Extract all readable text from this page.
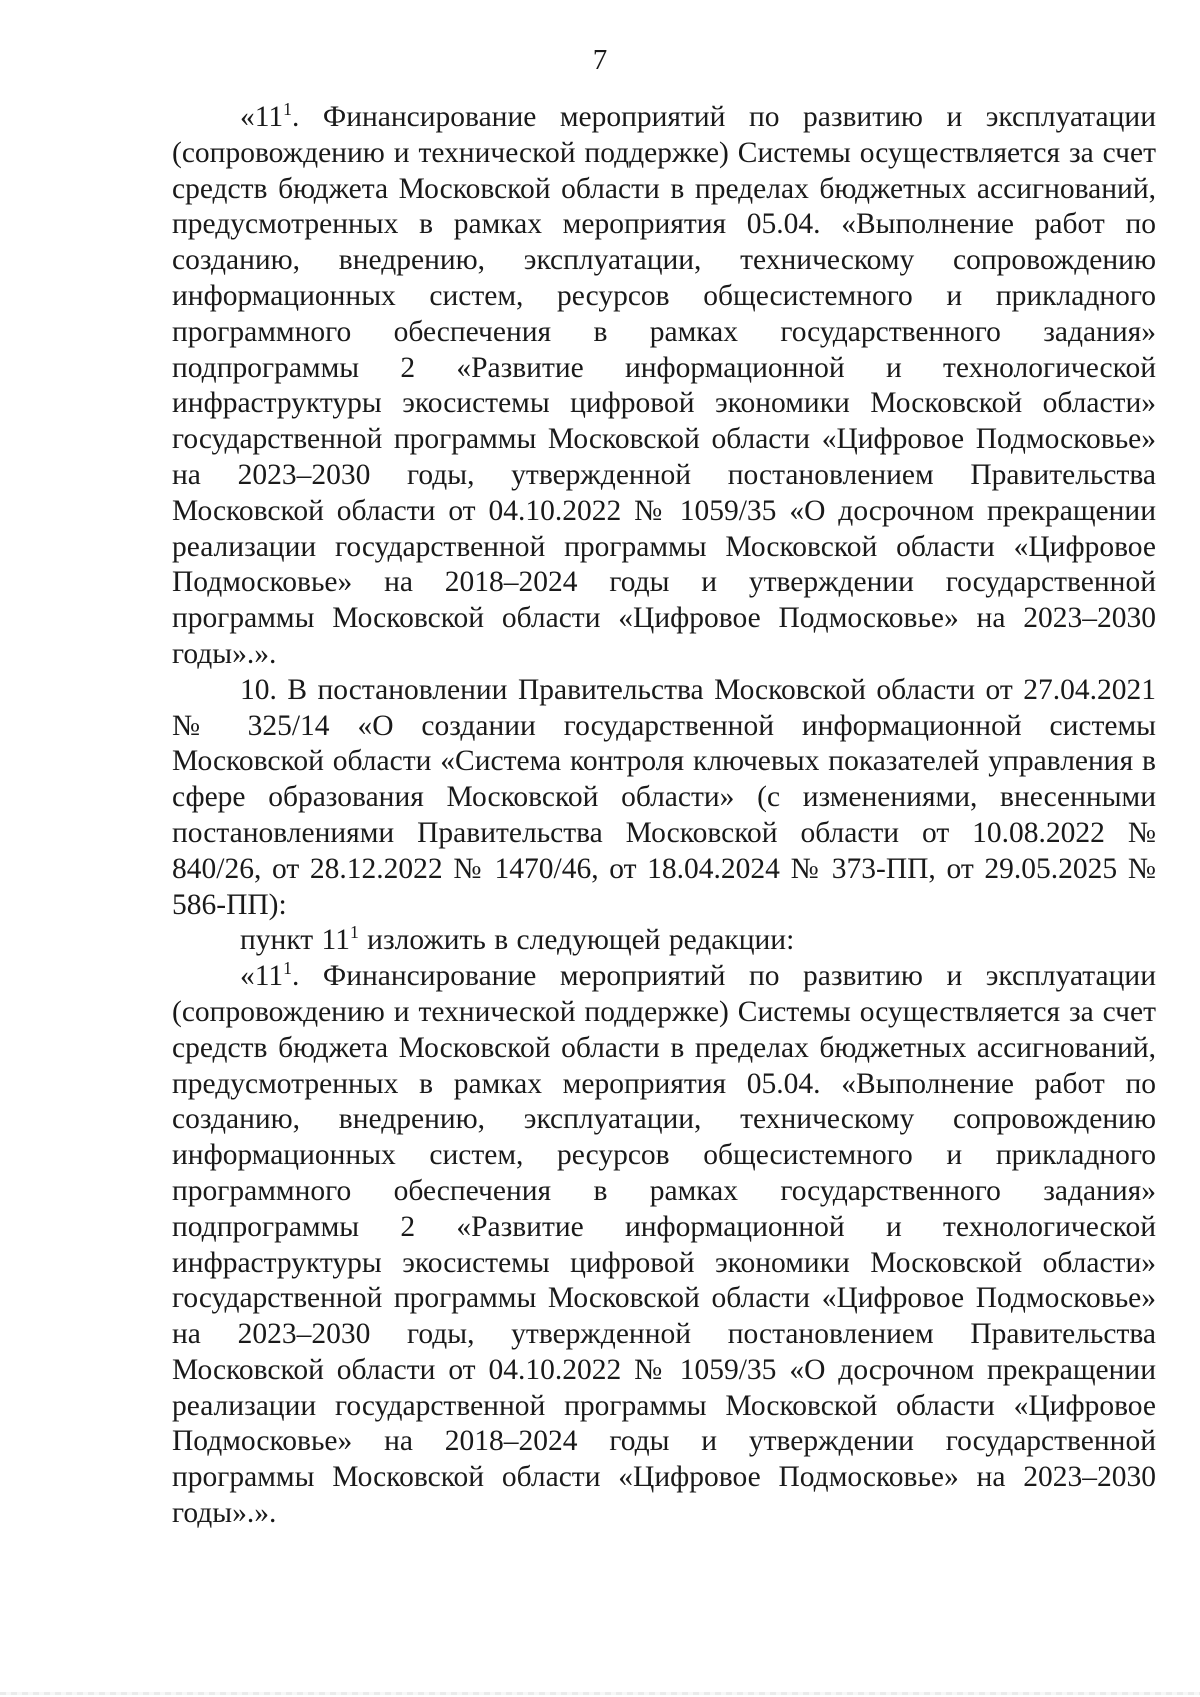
7

«$11^1$. Финансирование мероприятий по развитию и эксплуатации (сопровождению и технической поддержке) Системы осуществляется за счет средств бюджета Московской области в пределах бюджетных ассигнований, предусмотренных в рамках мероприятия 05.04. «Выполнение работ по созданию, внедрению, эксплуатации, техническому сопровождению информационных систем, ресурсов общесистемного и прикладного программного обеспечения в рамках государственного задания» подпрограммы 2 «Развитие информационной и технологической инфраструктуры экосистемы цифровой экономики Московской области» государственной программы Московской области «Цифровое Подмосковье» на 2023–2030 годы, утвержденной постановлением Правительства Московской области от 04.10.2022 № 1059/35 «О досрочном прекращении реализации государственной программы Московской области «Цифровое Подмосковье» на 2018–2024 годы и утверждении государственной программы Московской области «Цифровое Подмосковье» на 2023–2030 годы».».

10. В постановлении Правительства Московской области от 27.04.2021 № 325/14 «О создании государственной информационной системы Московской области «Система контроля ключевых показателей управления в сфере образования Московской области» (с изменениями, внесенными постановлениями Правительства Московской области от 10.08.2022 № 840/26, от 28.12.2022 № 1470/46, от 18.04.2024 № 373-ПП, от 29.05.2025 № 586-ПП):

пункт $11^1$ изложить в следующей редакции:

«$11^1$. Финансирование мероприятий по развитию и эксплуатации (сопровождению и технической поддержке) Системы осуществляется за счет средств бюджета Московской области в пределах бюджетных ассигнований, предусмотренных в рамках мероприятия 05.04. «Выполнение работ по созданию, внедрению, эксплуатации, техническому сопровождению информационных систем, ресурсов общесистемного и прикладного программного обеспечения в рамках государственного задания» подпрограммы 2 «Развитие информационной и технологической инфраструктуры экосистемы цифровой экономики Московской области» государственной программы Московской области «Цифровое Подмосковье» на 2023–2030 годы, утвержденной постановлением Правительства Московской области от 04.10.2022 № 1059/35 «О досрочном прекращении реализации государственной программы Московской области «Цифровое Подмосковье» на 2018–2024 годы и утверждении государственной программы Московской области «Цифровое Подмосковье» на 2023–2030 годы».».
